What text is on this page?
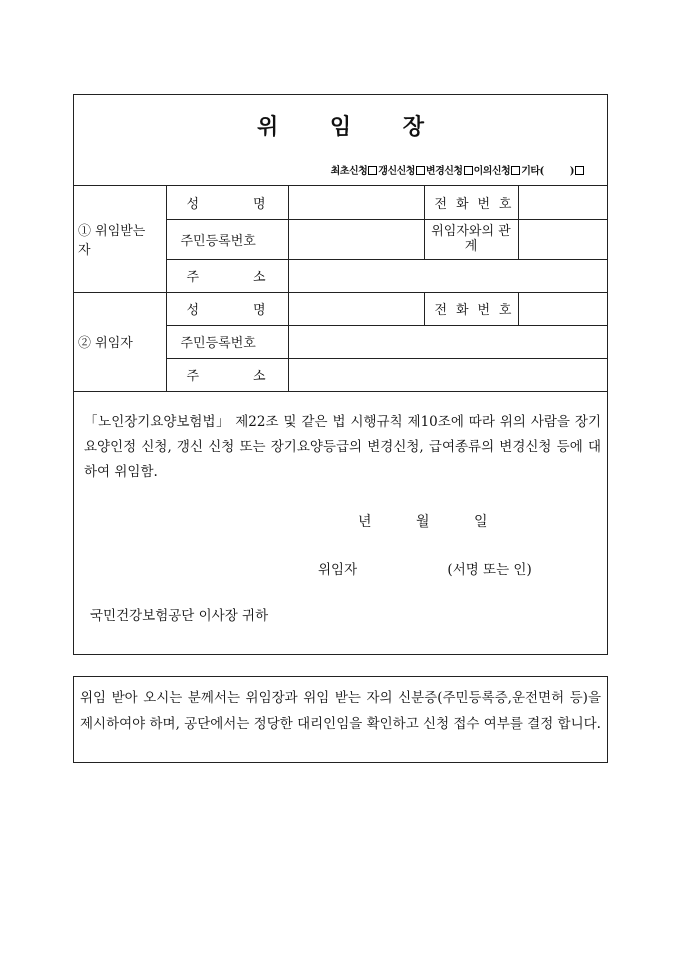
위 임 장
최초신청 갱신신청 변경신청 이의신청 기타(	)
① 위임받는 자	성 명		전 화 번 호	

	주민등록번호		위임자와의 관계	

	주 소			

② 위임자	성 명		전 화 번 호	

	주민등록번호			

	주 소			

「노인장기요양보험법」 제22조 및 같은 법 시행규칙 제10조에 따라 위의 사람을 장기요양인정 신청, 갱신 신청 또는 장기요양등급의 변경신청, 급여종류의 변경신청 등에 대하여 위임함.

년 월 일
위임자	(서명 또는 인)
국민건강보험공단 이사장 귀하
위임 받아 오시는 분께서는 위임장과 위임 받는 자의 신분증(주민등록증,운전면허 등)을 제시하여야 하며, 공단에서는 정당한 대리인임을 확인하고 신청 접수 여부를 결정 합니다.
